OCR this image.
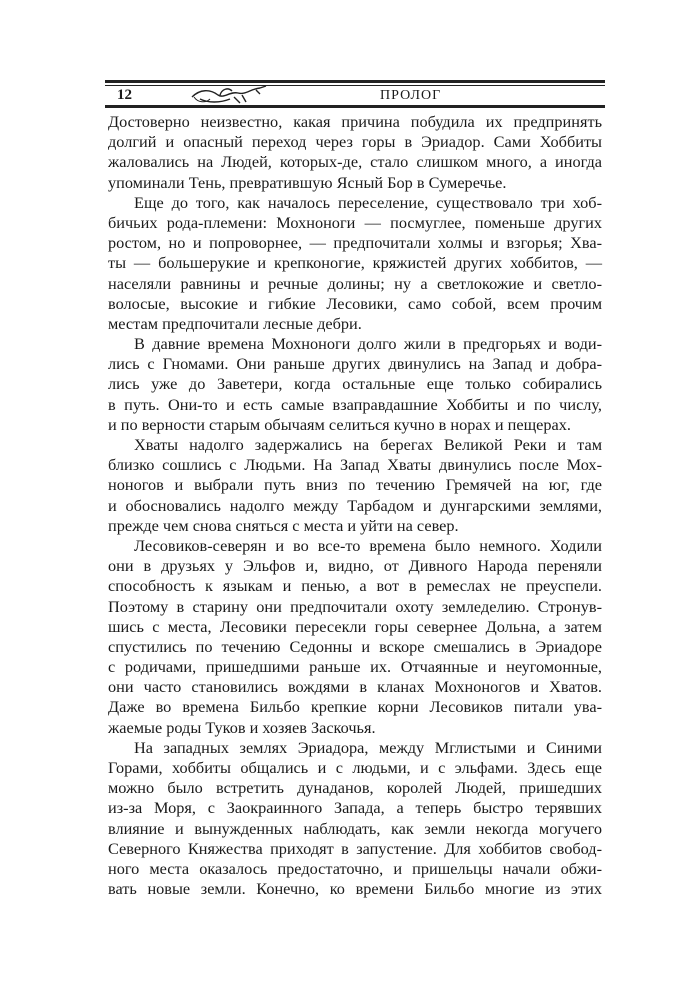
12	ПРОЛОГ
Достоверно неизвестно, какая причина побудила их предпринять
долгий и опасный переход через горы в Эриадор. Сами Хоббиты
жаловались на Людей, которых-де, стало слишком много, а иногда
упоминали Тень, превратившую Ясный Бор в Сумеречье.
Еще до того, как началось переселение, существовало три хоб-
бичьих рода-племени: Мохноноги — посмуглее, поменьше других
ростом, но и попроворнее, — предпочитали холмы и взгорья; Хва-
ты — большерукие и крепконогие, кряжистей других хоббитов, —
населяли равнины и речные долины; ну а светлокожие и светло-
волосые, высокие и гибкие Лесовики, само собой, всем прочим
местам предпочитали лесные дебри.
В давние времена Мохноноги долго жили в предгорьях и води-
лись с Гномами. Они раньше других двинулись на Запад и добра-
лись уже до Заветери, когда остальные еще только собирались
в путь. Они-то и есть самые взаправдашние Хоббиты и по числу,
и по верности старым обычаям селиться кучно в норах и пещерах.
Хваты надолго задержались на берегах Великой Реки и там
близко сошлись с Людьми. На Запад Хваты двинулись после Мох-
ноногов и выбрали путь вниз по течению Гремячей на юг, где
и обосновались надолго между Тарбадом и дунгарскими землями,
прежде чем снова сняться с места и уйти на север.
Лесовиков-северян и во все-то времена было немного. Ходили
они в друзьях у Эльфов и, видно, от Дивного Народа переняли
способность к языкам и пенью, а вот в ремеслах не преуспели.
Поэтому в старину они предпочитали охоту земледелию. Стронув-
шись с места, Лесовики пересекли горы севернее Дольна, а затем
спустились по течению Седонны и вскоре смешались в Эриадоре
с родичами, пришедшими раньше их. Отчаянные и неугомонные,
они часто становились вождями в кланах Мохноногов и Хватов.
Даже во времена Бильбо крепкие корни Лесовиков питали ува-
жаемые роды Туков и хозяев Заскочья.
На западных землях Эриадора, между Мглистыми и Синими
Горами, хоббиты общались и с людьми, и с эльфами. Здесь еще
можно было встретить дунаданов, королей Людей, пришедших
из-за Моря, с Заокраинного Запада, а теперь быстро терявших
влияние и вынужденных наблюдать, как земли некогда могучего
Северного Княжества приходят в запустение. Для хоббитов свобод-
ного места оказалось предостаточно, и пришельцы начали обжи-
вать новые земли. Конечно, ко времени Бильбо многие из этих
